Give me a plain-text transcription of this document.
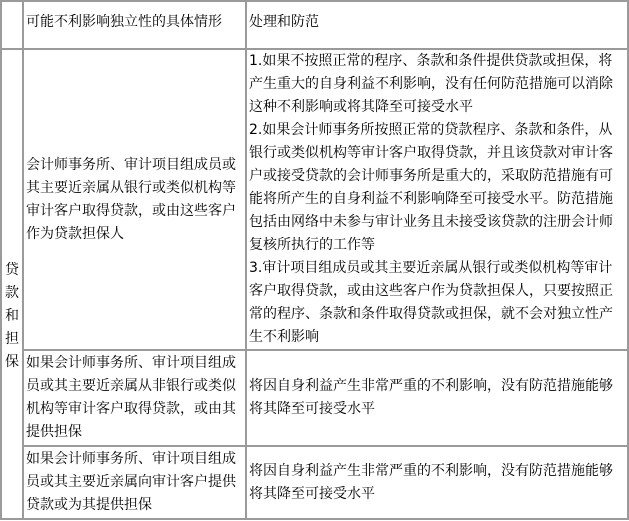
可能不利影响独立性的具体情形	处理和防范
贷款和担保
会计师事务所、审计项目组成员或
其主要近亲属从银行或类似机构等
审计客户取得贷款，或由这些客户
作为贷款担保人
1.如果不按照正常的程序、条款和条件提供贷款或担保，将
产生重大的自身利益不利影响，没有任何防范措施可以消除
这种不利影响或将其降至可接受水平
2.如果会计师事务所按照正常的贷款程序、条款和条件，从
银行或类似机构等审计客户取得贷款，并且该贷款对审计客
户或接受贷款的会计师事务所是重大的，采取防范措施有可
能将所产生的自身利益不利影响降至可接受水平。防范措施
包括由网络中未参与审计业务且未接受该贷款的注册会计师
复核所执行的工作等
3.审计项目组成员或其主要近亲属从银行或类似机构等审计
客户取得贷款，或由这些客户作为贷款担保人，只要按照正
常的程序、条款和条件取得贷款或担保，就不会对独立性产
生不利影响
如果会计师事务所、审计项目组成
员或其主要近亲属从非银行或类似
机构等审计客户取得贷款，或由其
提供担保
将因自身利益产生非常严重的不利影响，没有防范措施能够
将其降至可接受水平
如果会计师事务所、审计项目组成
员或其主要近亲属向审计客户提供
贷款或为其提供担保
将因自身利益产生非常严重的不利影响，没有防范措施能够
将其降至可接受水平
